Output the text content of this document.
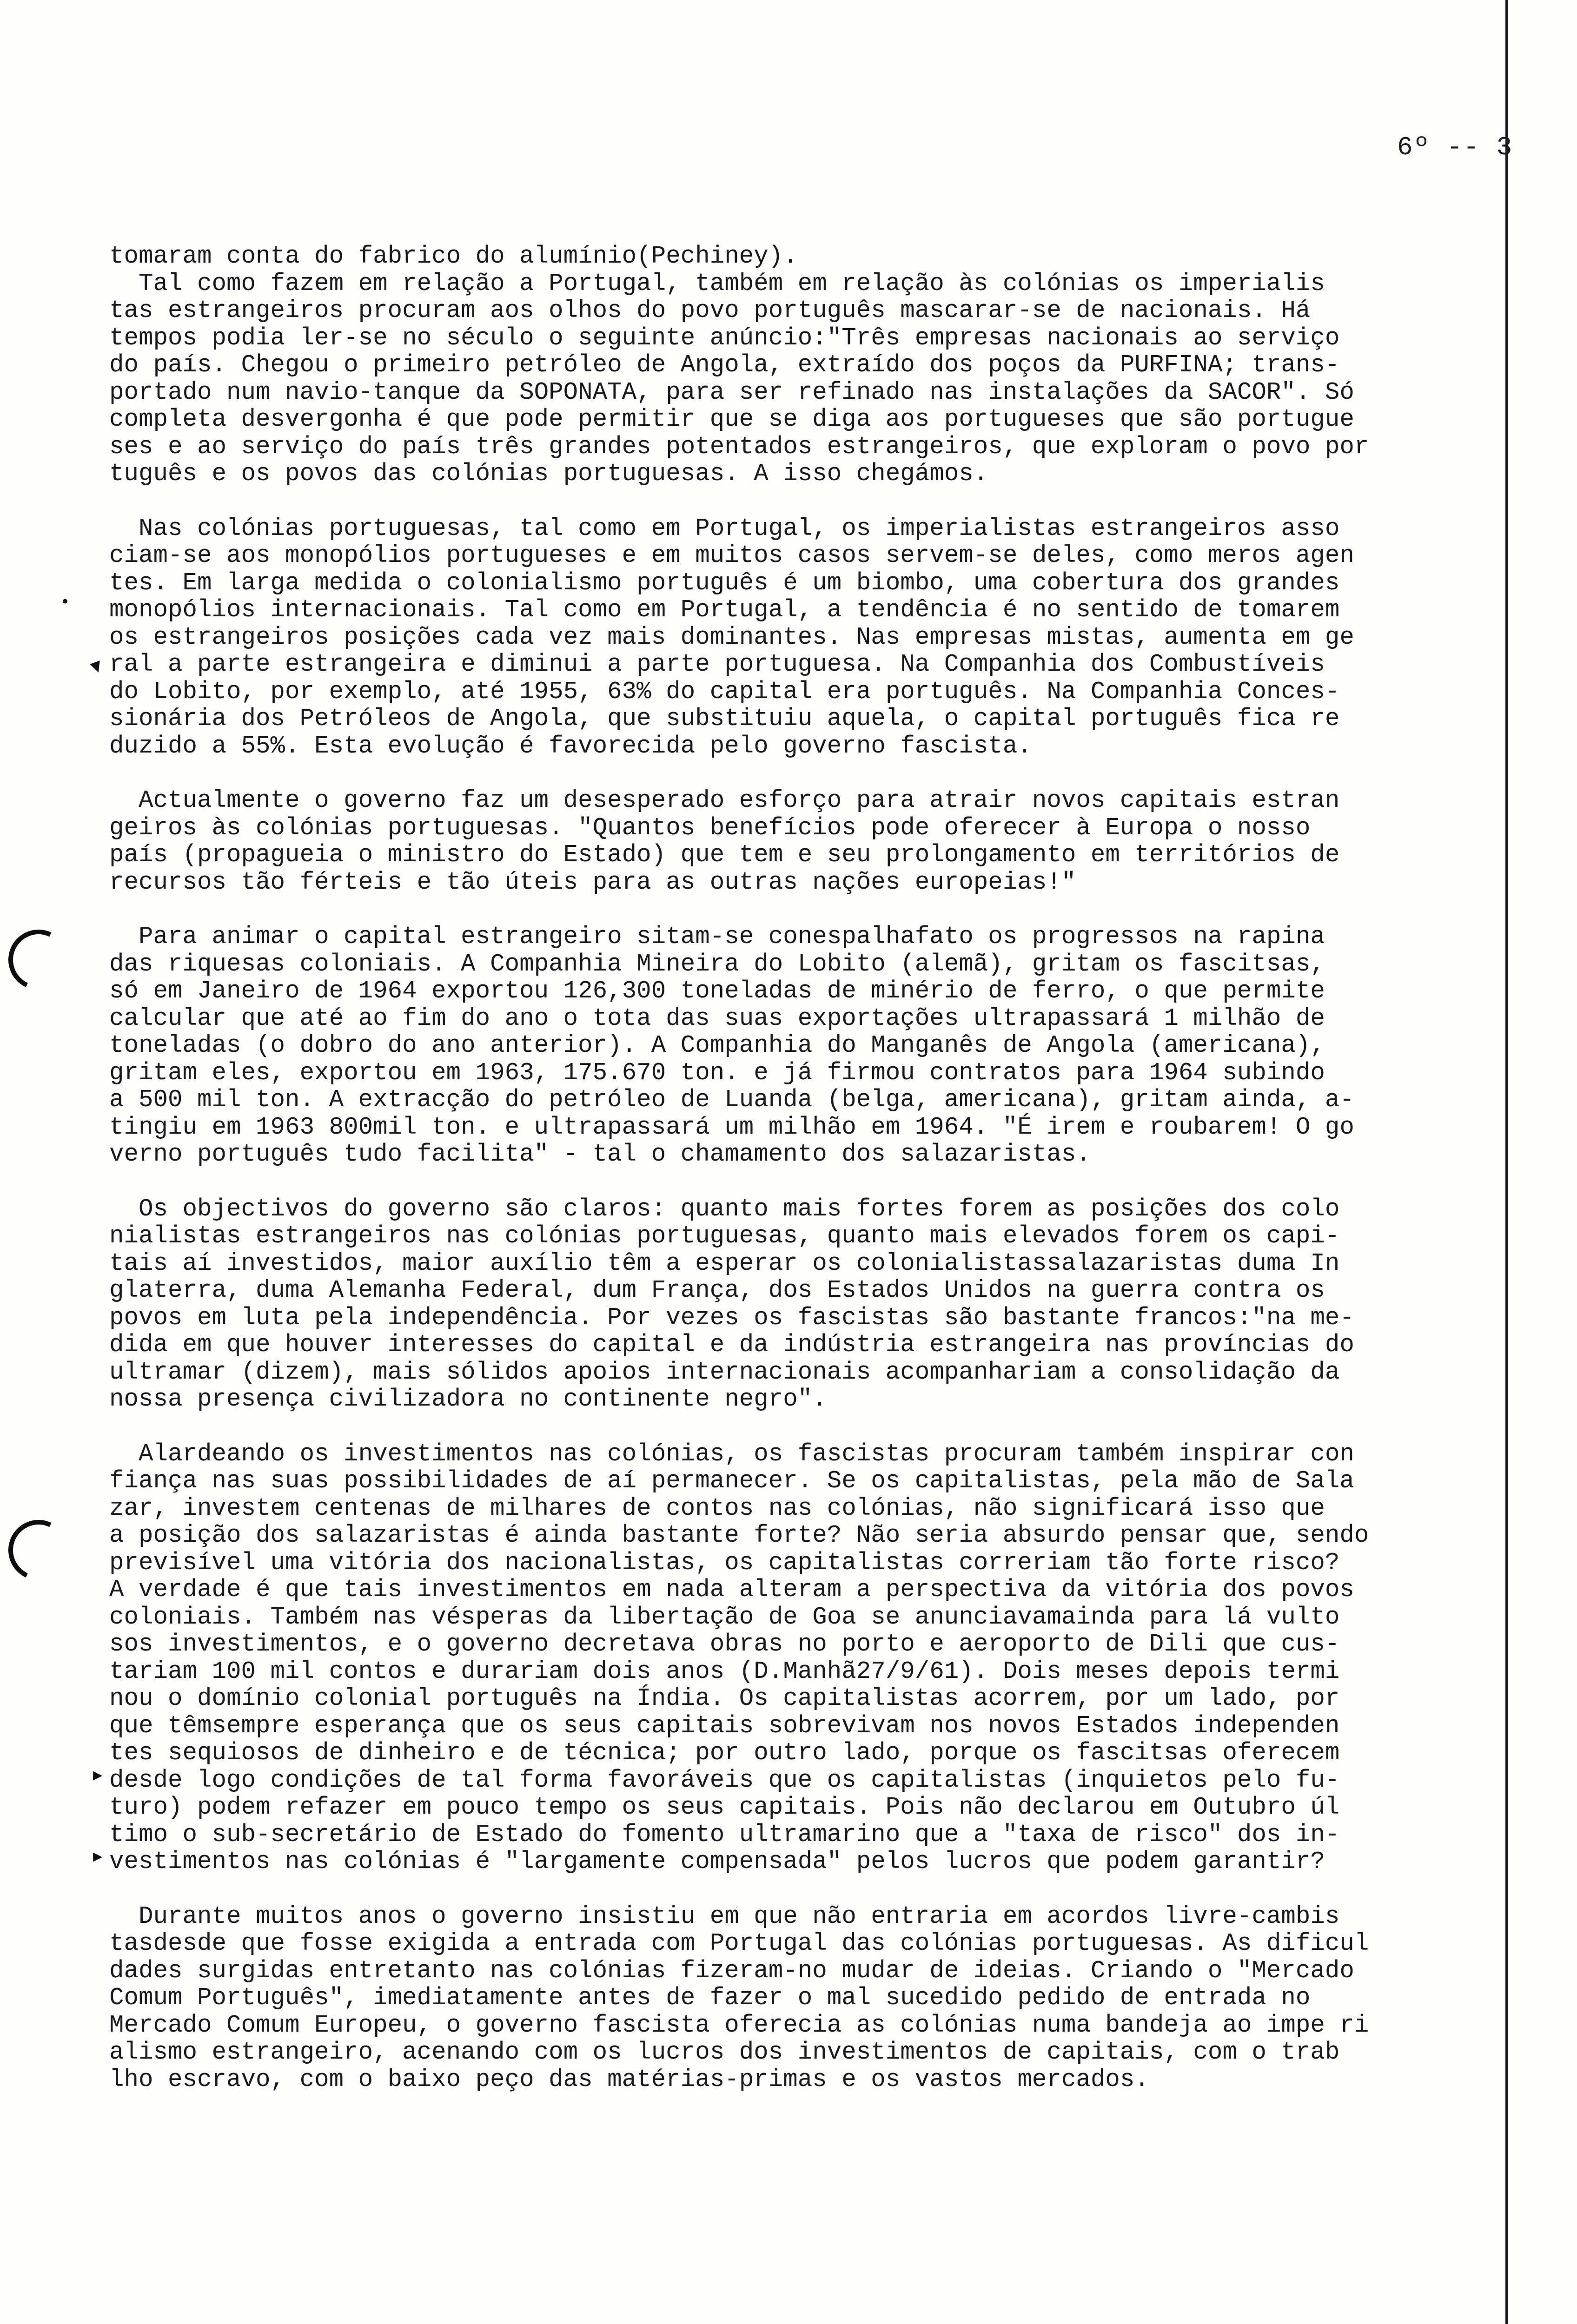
•
▾
▸
▸
6º -- 3
tomaram conta do fabrico do alumínio(Pechiney).
Tal como fazem em relação a Portugal, também em relação às colónias os imperialis
tas estrangeiros procuram aos olhos do povo português mascarar-se de nacionais. Há
tempos podia ler-se no século o seguinte anúncio:"Três empresas nacionais ao serviço
do país. Chegou o primeiro petróleo de Angola, extraído dos poços da PURFINA; trans-
portado num navio-tanque da SOPONATA, para ser refinado nas instalações da SACOR". Só
completa desvergonha é que pode permitir que se diga aos portugueses que são portugue
ses e ao serviço do país três grandes potentados estrangeiros, que exploram o povo por
tuguês e os povos das colónias portuguesas. A isso chegámos.
Nas colónias portuguesas, tal como em Portugal, os imperialistas estrangeiros asso
ciam-se aos monopólios portugueses e em muitos casos servem-se deles, como meros agen
tes. Em larga medida o colonialismo português é um biombo, uma cobertura dos grandes
monopólios internacionais. Tal como em Portugal, a tendência é no sentido de tomarem
os estrangeiros posições cada vez mais dominantes. Nas empresas mistas, aumenta em ge
ral a parte estrangeira e diminui a parte portuguesa. Na Companhia dos Combustíveis
do Lobito, por exemplo, até 1955, 63% do capital era português. Na Companhia Conces-
sionária dos Petróleos de Angola, que substituiu aquela, o capital português fica re
duzido a 55%. Esta evolução é favorecida pelo governo fascista.
Actualmente o governo faz um desesperado esforço para atrair novos capitais estran
geiros às colónias portuguesas. "Quantos benefícios pode oferecer à Europa o nosso
país (propagueia o ministro do Estado) que tem e seu prolongamento em territórios de
recursos tão férteis e tão úteis para as outras nações europeias!"
Para animar o capital estrangeiro sitam-se conespalhafato os progressos na rapina
das riquesas coloniais. A Companhia Mineira do Lobito (alemã), gritam os fascitsas,
só em Janeiro de 1964 exportou 126,300 toneladas de minério de ferro, o que permite
calcular que até ao fim do ano o tota das suas exportações ultrapassará 1 milhão de
toneladas (o dobro do ano anterior). A Companhia do Manganês de Angola (americana),
gritam eles, exportou em 1963, 175.670 ton. e já firmou contratos para 1964 subindo
a 500 mil ton. A extracção do petróleo de Luanda (belga, americana), gritam ainda, a-
tingiu em 1963 800mil ton. e ultrapassará um milhão em 1964. "É irem e roubarem! O go
verno português tudo facilita" - tal o chamamento dos salazaristas.
Os objectivos do governo são claros: quanto mais fortes forem as posições dos colo
nialistas estrangeiros nas colónias portuguesas, quanto mais elevados forem os capi-
tais aí investidos, maior auxílio têm a esperar os colonialistassalazaristas duma In
glaterra, duma Alemanha Federal, dum França, dos Estados Unidos na guerra contra os
povos em luta pela independência. Por vezes os fascistas são bastante francos:"na me-
dida em que houver interesses do capital e da indústria estrangeira nas províncias do
ultramar (dizem), mais sólidos apoios internacionais acompanhariam a consolidação da
nossa presença civilizadora no continente negro".
Alardeando os investimentos nas colónias, os fascistas procuram também inspirar con
fiança nas suas possibilidades de aí permanecer. Se os capitalistas, pela mão de Sala
zar, investem centenas de milhares de contos nas colónias, não significará isso que
a posição dos salazaristas é ainda bastante forte? Não seria absurdo pensar que, sendo
previsível uma vitória dos nacionalistas, os capitalistas correriam tão forte risco?
A verdade é que tais investimentos em nada alteram a perspectiva da vitória dos povos
coloniais. Também nas vésperas da libertação de Goa se anunciavamainda para lá vulto
sos investimentos, e o governo decretava obras no porto e aeroporto de Dili que cus-
tariam 100 mil contos e durariam dois anos (D.Manhã27/9/61). Dois meses depois termi
nou o domínio colonial português na Índia. Os capitalistas acorrem, por um lado, por
que têmsempre esperança que os seus capitais sobrevivam nos novos Estados independen
tes sequiosos de dinheiro e de técnica; por outro lado, porque os fascitsas oferecem
desde logo condições de tal forma favoráveis que os capitalistas (inquietos pelo fu-
turo) podem refazer em pouco tempo os seus capitais. Pois não declarou em Outubro úl
timo o sub-secretário de Estado do fomento ultramarino que a "taxa de risco" dos in-
vestimentos nas colónias é "largamente compensada" pelos lucros que podem garantir?
Durante muitos anos o governo insistiu em que não entraria em acordos livre-cambis
tasdesde que fosse exigida a entrada com Portugal das colónias portuguesas. As dificul
dades surgidas entretanto nas colónias fizeram-no mudar de ideias. Criando o "Mercado
Comum Português", imediatamente antes de fazer o mal sucedido pedido de entrada no
Mercado Comum Europeu, o governo fascista oferecia as colónias numa bandeja ao impe ri
alismo estrangeiro, acenando com os lucros dos investimentos de capitais, com o trab
lho escravo, com o baixo peço das matérias-primas e os vastos mercados.
